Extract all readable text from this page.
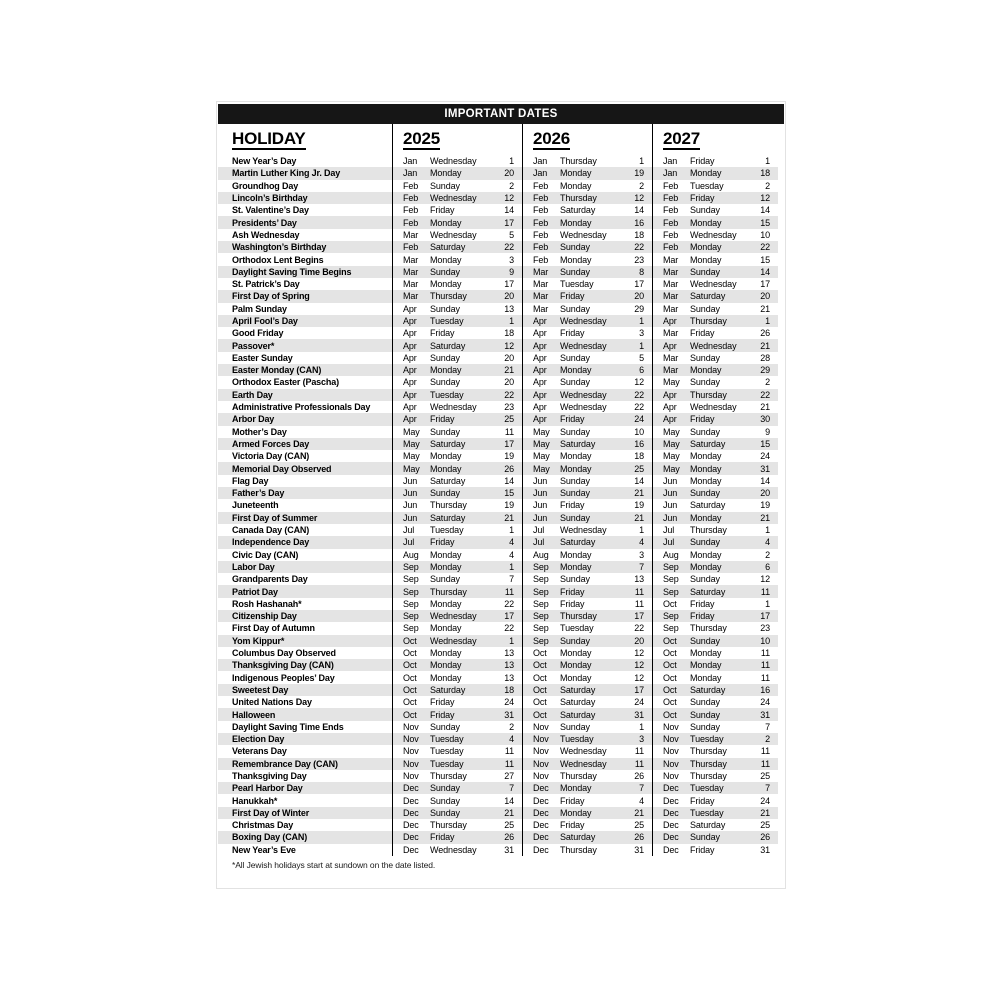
IMPORTANT DATES
HOLIDAY	2025	2026	2027
New Year’s Day	Jan	Wednesday	1	Jan	Thursday	1	Jan	Friday	1
Martin Luther King Jr. Day	Jan	Monday	20	Jan	Monday	19	Jan	Monday	18
Groundhog Day	Feb	Sunday	2	Feb	Monday	2	Feb	Tuesday	2
Lincoln’s Birthday	Feb	Wednesday	12	Feb	Thursday	12	Feb	Friday	12
St. Valentine’s Day	Feb	Friday	14	Feb	Saturday	14	Feb	Sunday	14
Presidents’ Day	Feb	Monday	17	Feb	Monday	16	Feb	Monday	15
Ash Wednesday	Mar	Wednesday	5	Feb	Wednesday	18	Feb	Wednesday	10
Washington’s Birthday	Feb	Saturday	22	Feb	Sunday	22	Feb	Monday	22
Orthodox Lent Begins	Mar	Monday	3	Feb	Monday	23	Mar	Monday	15
Daylight Saving Time Begins	Mar	Sunday	9	Mar	Sunday	8	Mar	Sunday	14
St. Patrick’s Day	Mar	Monday	17	Mar	Tuesday	17	Mar	Wednesday	17
First Day of Spring	Mar	Thursday	20	Mar	Friday	20	Mar	Saturday	20
Palm Sunday	Apr	Sunday	13	Mar	Sunday	29	Mar	Sunday	21
April Fool’s Day	Apr	Tuesday	1	Apr	Wednesday	1	Apr	Thursday	1
Good Friday	Apr	Friday	18	Apr	Friday	3	Mar	Friday	26
Passover*	Apr	Saturday	12	Apr	Wednesday	1	Apr	Wednesday	21
Easter Sunday	Apr	Sunday	20	Apr	Sunday	5	Mar	Sunday	28
Easter Monday (CAN)	Apr	Monday	21	Apr	Monday	6	Mar	Monday	29
Orthodox Easter (Pascha)	Apr	Sunday	20	Apr	Sunday	12	May	Sunday	2
Earth Day	Apr	Tuesday	22	Apr	Wednesday	22	Apr	Thursday	22
Administrative Professionals Day	Apr	Wednesday	23	Apr	Wednesday	22	Apr	Wednesday	21
Arbor Day	Apr	Friday	25	Apr	Friday	24	Apr	Friday	30
Mother’s Day	May	Sunday	11	May	Sunday	10	May	Sunday	9
Armed Forces Day	May	Saturday	17	May	Saturday	16	May	Saturday	15
Victoria Day (CAN)	May	Monday	19	May	Monday	18	May	Monday	24
Memorial Day Observed	May	Monday	26	May	Monday	25	May	Monday	31
Flag Day	Jun	Saturday	14	Jun	Sunday	14	Jun	Monday	14
Father’s Day	Jun	Sunday	15	Jun	Sunday	21	Jun	Sunday	20
Juneteenth	Jun	Thursday	19	Jun	Friday	19	Jun	Saturday	19
First Day of Summer	Jun	Saturday	21	Jun	Sunday	21	Jun	Monday	21
Canada Day (CAN)	Jul	Tuesday	1	Jul	Wednesday	1	Jul	Thursday	1
Independence Day	Jul	Friday	4	Jul	Saturday	4	Jul	Sunday	4
Civic Day (CAN)	Aug	Monday	4	Aug	Monday	3	Aug	Monday	2
Labor Day	Sep	Monday	1	Sep	Monday	7	Sep	Monday	6
Grandparents Day	Sep	Sunday	7	Sep	Sunday	13	Sep	Sunday	12
Patriot Day	Sep	Thursday	11	Sep	Friday	11	Sep	Saturday	11
Rosh Hashanah*	Sep	Monday	22	Sep	Friday	11	Oct	Friday	1
Citizenship Day	Sep	Wednesday	17	Sep	Thursday	17	Sep	Friday	17
First Day of Autumn	Sep	Monday	22	Sep	Tuesday	22	Sep	Thursday	23
Yom Kippur*	Oct	Wednesday	1	Sep	Sunday	20	Oct	Sunday	10
Columbus Day Observed	Oct	Monday	13	Oct	Monday	12	Oct	Monday	11
Thanksgiving Day (CAN)	Oct	Monday	13	Oct	Monday	12	Oct	Monday	11
Indigenous Peoples’ Day	Oct	Monday	13	Oct	Monday	12	Oct	Monday	11
Sweetest Day	Oct	Saturday	18	Oct	Saturday	17	Oct	Saturday	16
United Nations Day	Oct	Friday	24	Oct	Saturday	24	Oct	Sunday	24
Halloween	Oct	Friday	31	Oct	Saturday	31	Oct	Sunday	31
Daylight Saving Time Ends	Nov	Sunday	2	Nov	Sunday	1	Nov	Sunday	7
Election Day	Nov	Tuesday	4	Nov	Tuesday	3	Nov	Tuesday	2
Veterans Day	Nov	Tuesday	11	Nov	Wednesday	11	Nov	Thursday	11
Remembrance Day (CAN)	Nov	Tuesday	11	Nov	Wednesday	11	Nov	Thursday	11
Thanksgiving Day	Nov	Thursday	27	Nov	Thursday	26	Nov	Thursday	25
Pearl Harbor Day	Dec	Sunday	7	Dec	Monday	7	Dec	Tuesday	7
Hanukkah*	Dec	Sunday	14	Dec	Friday	4	Dec	Friday	24
First Day of Winter	Dec	Sunday	21	Dec	Monday	21	Dec	Tuesday	21
Christmas Day	Dec	Thursday	25	Dec	Friday	25	Dec	Saturday	25
Boxing Day (CAN)	Dec	Friday	26	Dec	Saturday	26	Dec	Sunday	26
New Year’s Eve	Dec	Wednesday	31	Dec	Thursday	31	Dec	Friday	31
*All Jewish holidays start at sundown on the date listed.
